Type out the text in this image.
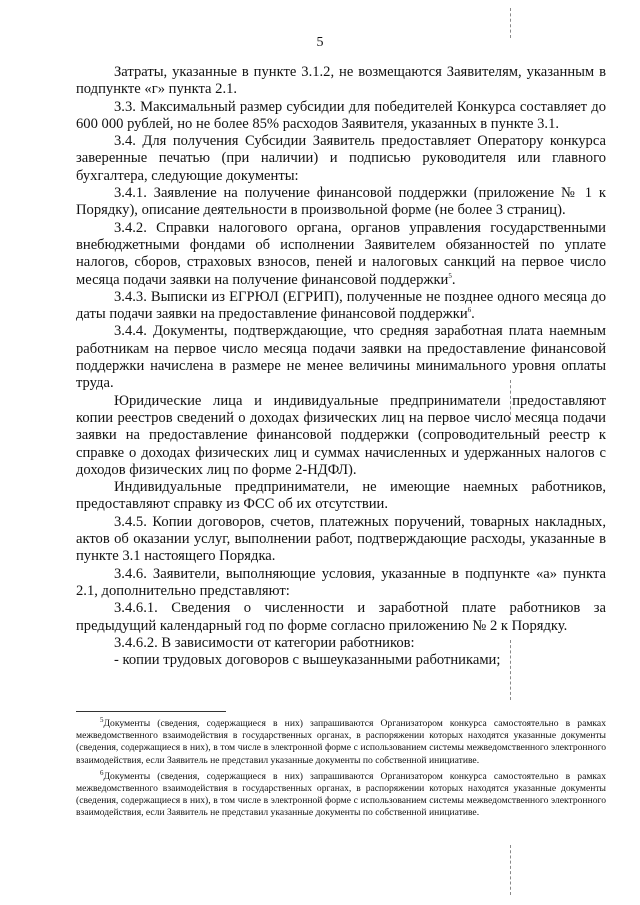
5

Затраты, указанные в пункте 3.1.2, не возмещаются Заявителям, указанным в подпункте «г» пункта 2.1.

3.3. Максимальный размер субсидии для победителей Конкурса составляет до 600 000 рублей, но не более 85% расходов Заявителя, указанных в пункте 3.1.

3.4. Для получения Субсидии Заявитель предоставляет Оператору конкурса заверенные печатью (при наличии) и подписью руководителя или главного бухгалтера, следующие документы:

3.4.1. Заявление на получение финансовой поддержки (приложение № 1 к Порядку), описание деятельности в произвольной форме (не более 3 страниц).

3.4.2. Справки налогового органа, органов управления государственными внебюджетными фондами об исполнении Заявителем обязанностей по уплате налогов, сборов, страховых взносов, пеней и налоговых санкций на первое число месяца подачи заявки на получение финансовой поддержки$^5$.

3.4.3. Выписки из ЕГРЮЛ (ЕГРИП), полученные не позднее одного месяца до даты подачи заявки на предоставление финансовой поддержки$^6$.

3.4.4. Документы, подтверждающие, что средняя заработная плата наемным работникам на первое число месяца подачи заявки на предоставление финансовой поддержки начислена в размере не менее величины минимального уровня оплаты труда.

Юридические лица и индивидуальные предприниматели предоставляют копии реестров сведений о доходах физических лиц на первое число месяца подачи заявки на предоставление финансовой поддержки (сопроводительный реестр к справке о доходах физических лиц и суммах начисленных и удержанных налогов с доходов физических лиц по форме 2-НДФЛ).

Индивидуальные предприниматели, не имеющие наемных работников, предоставляют справку из ФСС об их отсутствии.

3.4.5. Копии договоров, счетов, платежных поручений, товарных накладных, актов об оказании услуг, выполнении работ, подтверждающие расходы, указанные в пункте 3.1 настоящего Порядка.

3.4.6. Заявители, выполняющие условия, указанные в подпункте «а» пункта 2.1, дополнительно представляют:

3.4.6.1. Сведения о численности и заработной плате работников за предыдущий календарный год по форме согласно приложению № 2 к Порядку.

3.4.6.2. В зависимости от категории работников:

- копии трудовых договоров с вышеуказанными работниками;

$^5$Документы (сведения, содержащиеся в них) запрашиваются Организатором конкурса самостоятельно в рамках межведомственного взаимодействия в государственных органах, в распоряжении которых находятся указанные документы (сведения, содержащиеся в них), в том числе в электронной форме с использованием системы межведомственного электронного взаимодействия, если Заявитель не представил указанные документы по собственной инициативе.

$^6$Документы (сведения, содержащиеся в них) запрашиваются Организатором конкурса самостоятельно в рамках межведомственного взаимодействия в государственных органах, в распоряжении которых находятся указанные документы (сведения, содержащиеся в них), в том числе в электронной форме с использованием системы межведомственного электронного взаимодействия, если Заявитель не представил указанные документы по собственной инициативе.
